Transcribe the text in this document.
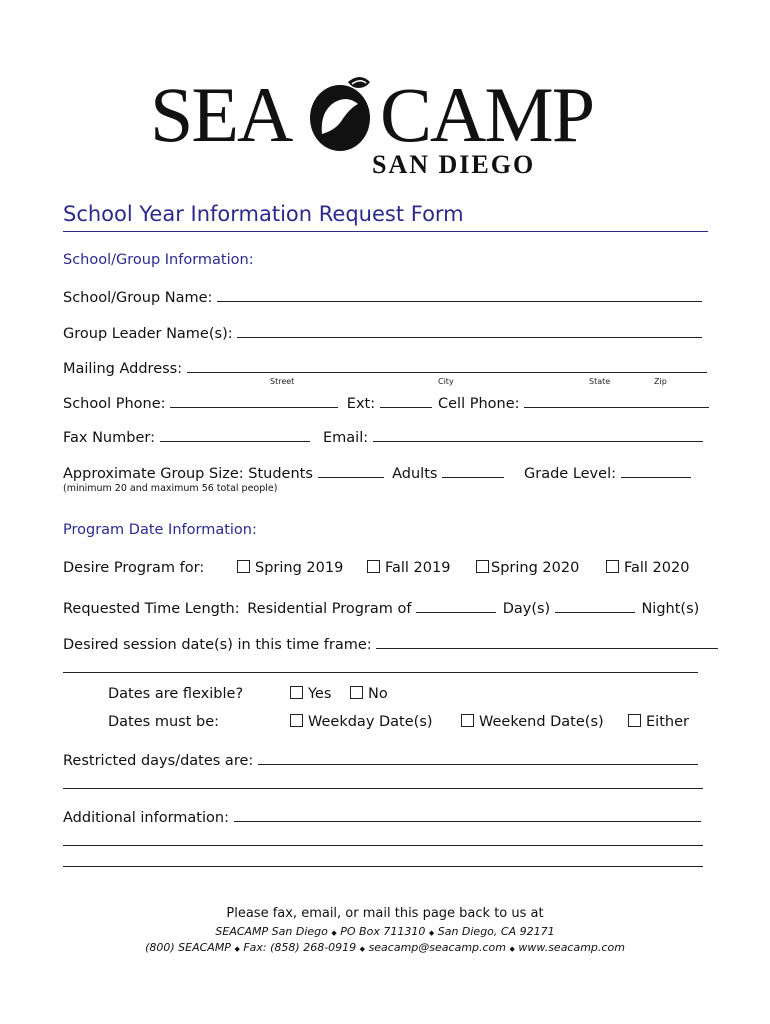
SEA CAMP
SAN DIEGO
School Year Information Request Form
School/Group Information:
School/Group Name:
Group Leader Name(s):
Mailing Address:
Street	City	State	Zip
School Phone:	Ext:	Cell Phone:
Fax Number:	Email:
Approximate Group Size: Students	Adults	Grade Level:
(minimum 20 and maximum 56 total people)
Program Date Information:
Desire Program for:	Spring 2019	Fall 2019	Spring 2020	Fall 2020
Requested Time Length: Residential Program of	Day(s)	Night(s)
Desired session date(s) in this time frame:
Dates are flexible?	Yes	No
Dates must be:	Weekday Date(s)	Weekend Date(s)	Either
Restricted days/dates are:
Additional information:
Please fax, email, or mail this page back to us at
SEACAMP San Diego ◆ PO Box 711310 ◆ San Diego, CA 92171
(800) SEACAMP ◆ Fax: (858) 268-0919 ◆ seacamp@seacamp.com ◆ www.seacamp.com
